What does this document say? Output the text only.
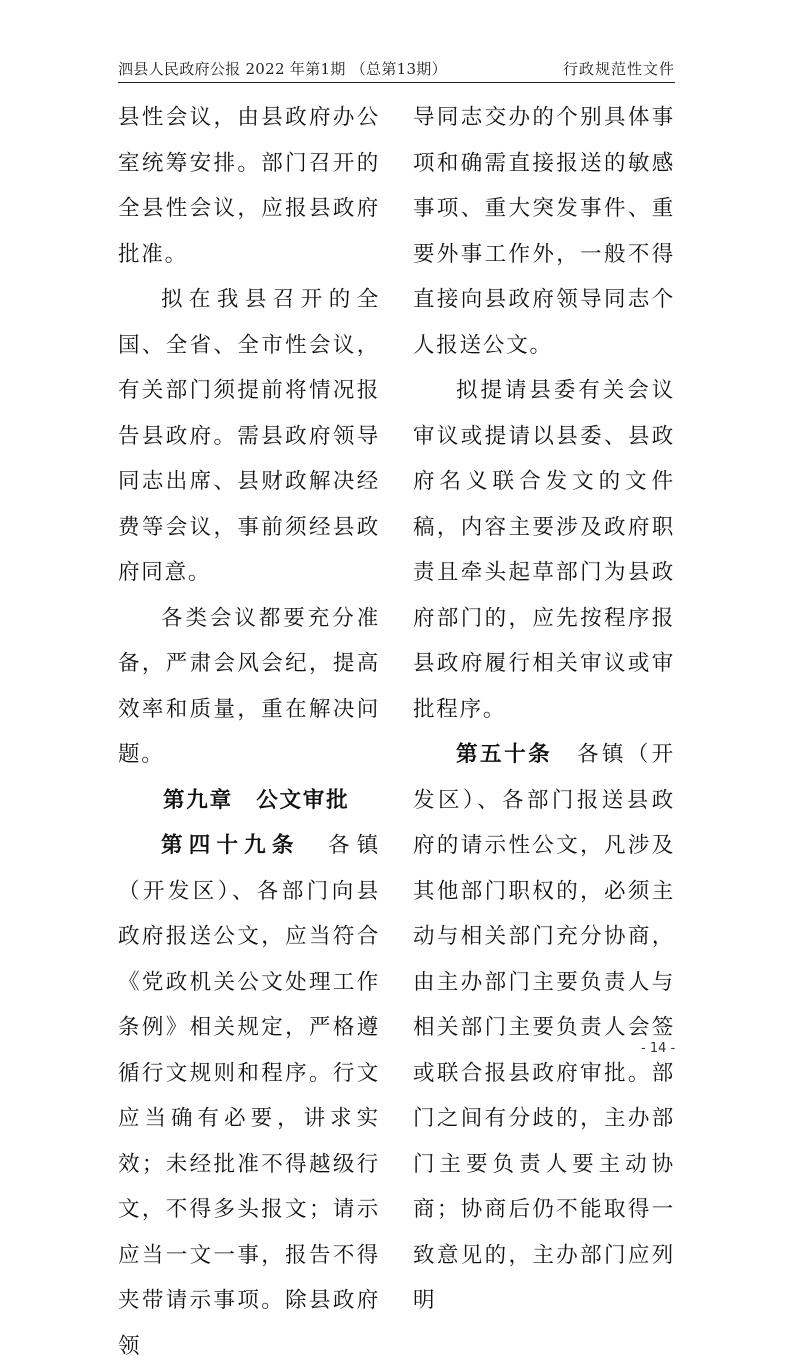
泗县人民政府公报 2022 年第1期 （总第13期）	行政规范性文件

县性会议，由县政府办公室统筹安排。部门召开的全县性会议，应报县政府批准。

拟在我县召开的全国、全省、全市性会议，有关部门须提前将情况报告县政府。需县政府领导同志出席、县财政解决经费等会议，事前须经县政府同意。

各类会议都要充分准备，严肃会风会纪，提高效率和质量，重在解决问题。

第九章　公文审批

第四十九条　各镇（开发区）、各部门向县政府报送公文，应当符合《党政机关公文处理工作条例》相关规定，严格遵循行文规则和程序。行文应当确有必要，讲求实效；未经批准不得越级行文，不得多头报文；请示应当一文一事，报告不得夹带请示事项。除县政府领

导同志交办的个别具体事项和确需直接报送的敏感事项、重大突发事件、重要外事工作外，一般不得直接向县政府领导同志个人报送公文。

拟提请县委有关会议审议或提请以县委、县政府名义联合发文的文件稿，内容主要涉及政府职责且牵头起草部门为县政府部门的，应先按程序报县政府履行相关审议或审批程序。

第五十条　各镇（开发区）、各部门报送县政府的请示性公文，凡涉及其他部门职权的，必须主动与相关部门充分协商，由主办部门主要负责人与相关部门主要负责人会签或联合报县政府审批。部门之间有分歧的，主办部门主要负责人要主动协商；协商后仍不能取得一致意见的，主办部门应列明

- 14 -
